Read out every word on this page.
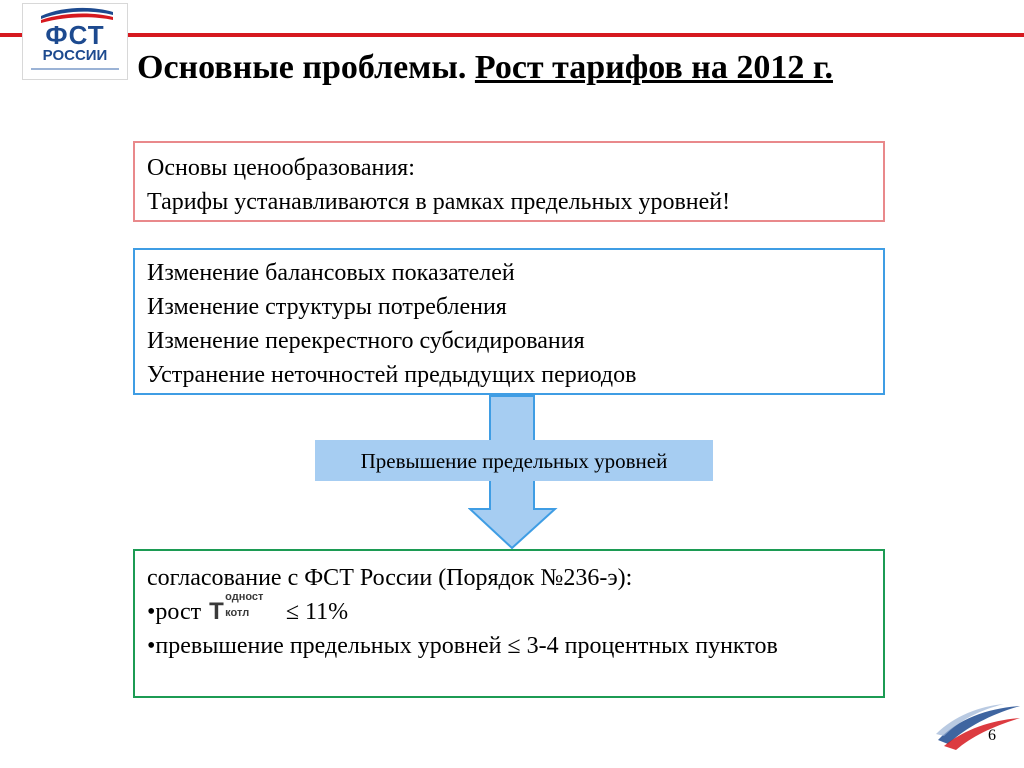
ФСТ
РОССИИ Основные проблемы. Рост тарифов на 2012 г.
Основы ценообразования:
Тарифы устанавливаются в рамках предельных уровней!
Изменение балансовых показателей
Изменение структуры потребления
Изменение перекрестного субсидирования
Устранение неточностей предыдущих периодов
Превышение предельных уровней
согласование с ФСТ России (Порядок №236-э):
•рост Т
одност
котл ≤ 11%
•превышение предельных уровней ≤ 3-4 процентных пунктов
6
